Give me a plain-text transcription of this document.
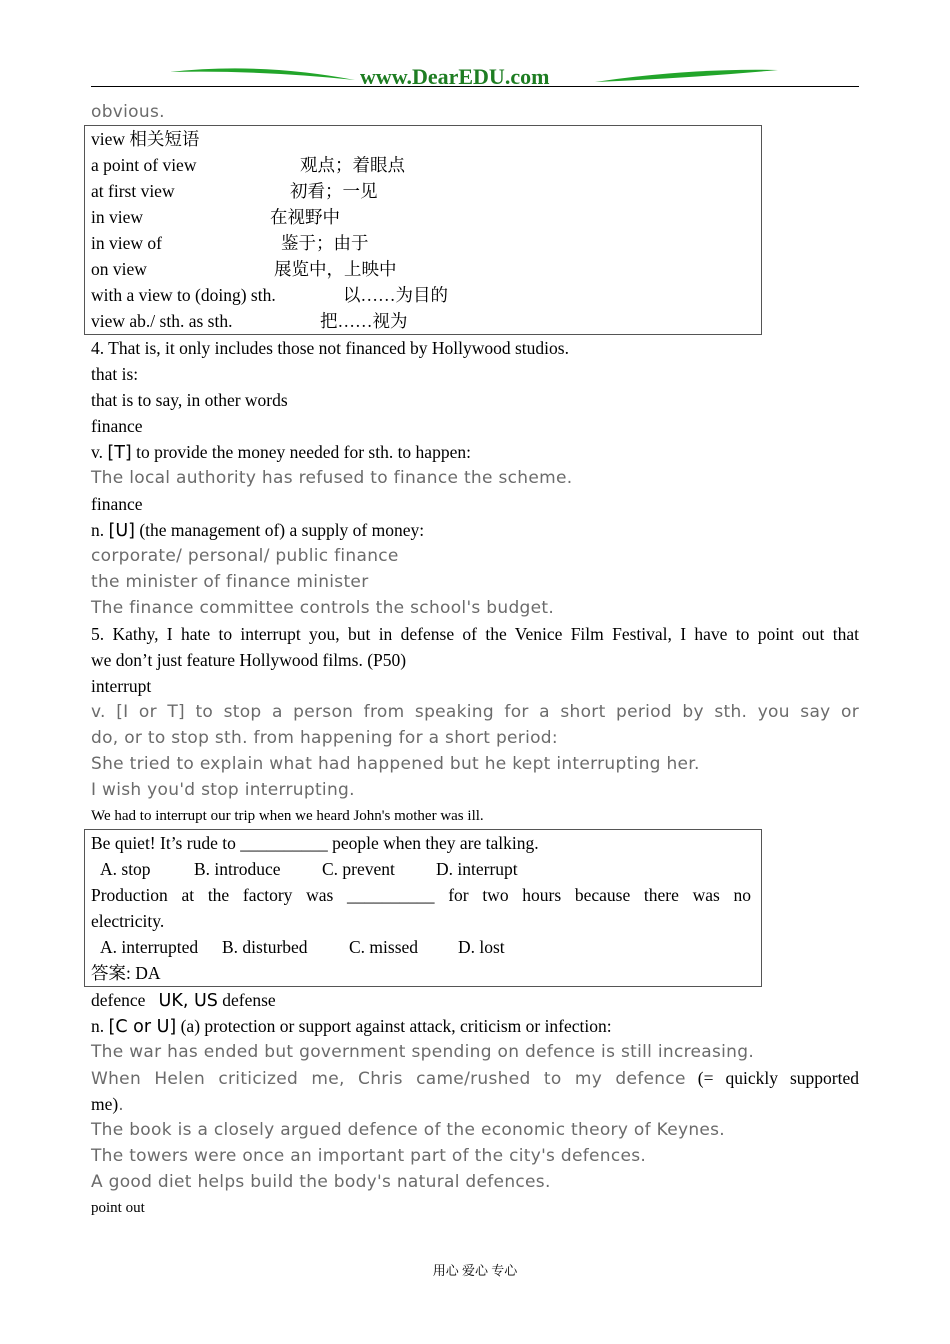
www.DearEDU.com
obvious.
view 相关短语
a point of view	观点；着眼点
at first view	初看；一见
in view	在视野中
in view of	鉴于；由于
on view	展览中，上映中
with a view to (doing) sth.	以……为目的
view ab./ sth. as sth.	把……视为
4. That is, it only includes those not financed by Hollywood studios.
that is:
that is to say, in other words
finance
v. [T] to provide the money needed for sth. to happen:
The local authority has refused to finance the scheme.
finance
n. [U] (the management of) a supply of money:
corporate/ personal/ public finance
the minister of finance minister
The finance committee controls the school's budget.
5. Kathy, I hate to interrupt you, but in defense of the Venice Film Festival, I have to point out that
we don’t just feature Hollywood films. (P50)
interrupt
v. [I or T] to stop a person from speaking for a short period by sth. you say or
do, or to stop sth. from happening for a short period:
She tried to explain what had happened but he kept interrupting her.
I wish you'd stop interrupting.
We had to interrupt our trip when we heard John's mother was ill.
Be quiet! It’s rude to __________ people when they are talking.
A. stop B. introduce C. prevent D. interrupt
Production at the factory was __________ for two hours because there was no
electricity.
A. interrupted B. disturbed C. missed D. lost
答案: DA
defence UK, US defense
n. [C or U] (a) protection or support against attack, criticism or infection:
The war has ended but government spending on defence is still increasing.
When Helen criticized me, Chris came/rushed to my defence (= quickly supported
me).
The book is a closely argued defence of the economic theory of Keynes.
The towers were once an important part of the city's defences.
A good diet helps build the body's natural defences.
point out
用心 爱心 专心
